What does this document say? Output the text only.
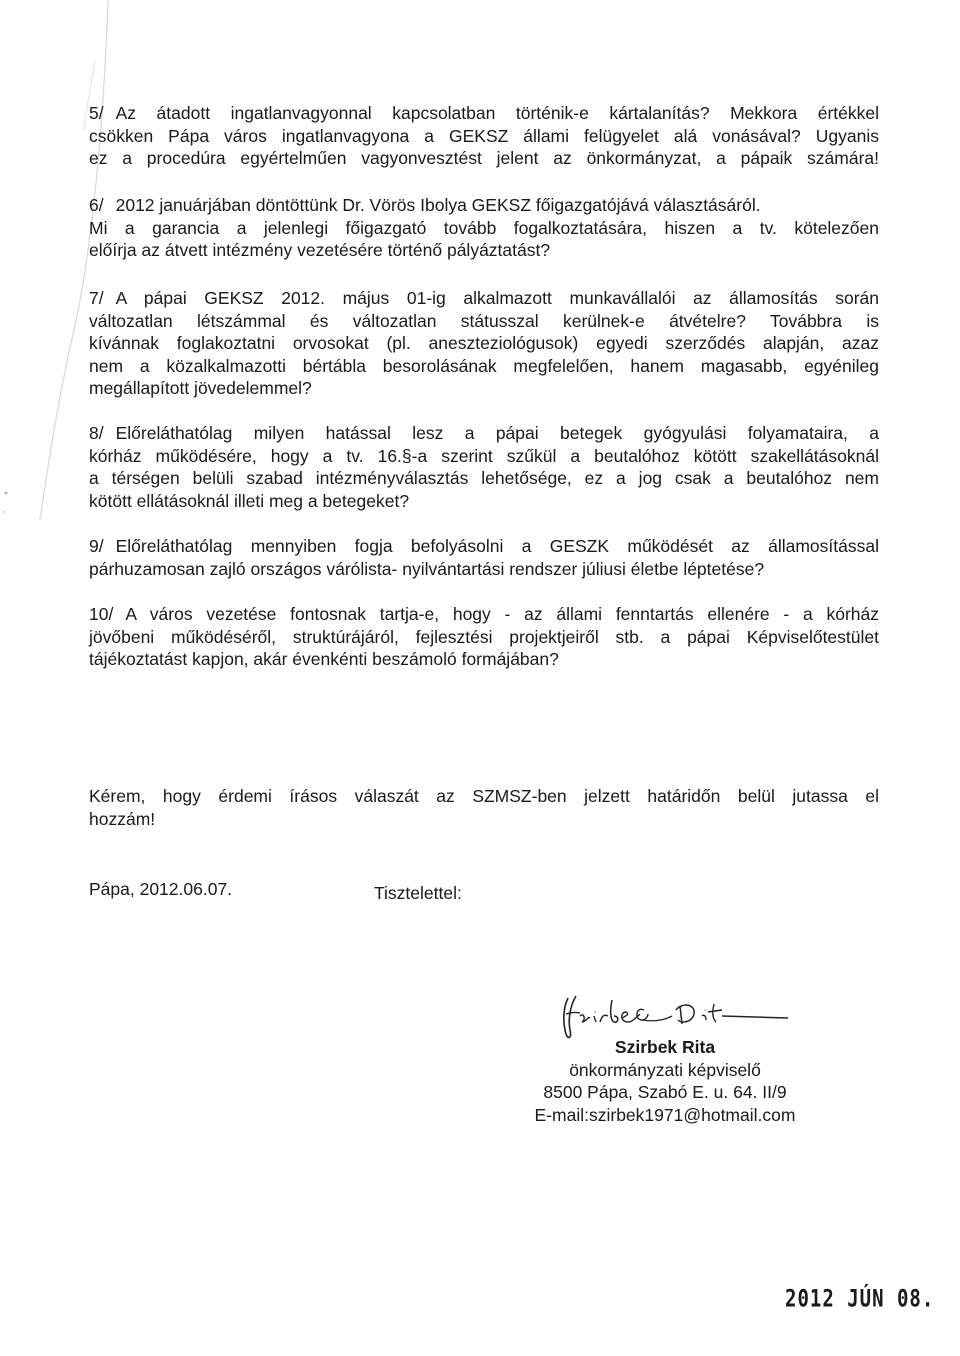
5/ Az átadott ingatlanvagyonnal kapcsolatban történik-e kártalanítás? Mekkora értékkel
csökken Pápa város ingatlanvagyona a GEKSZ állami felügyelet alá vonásával? Ugyanis
ez a procedúra egyértelműen vagyonvesztést jelent az önkormányzat, a pápaik számára!
6/ 2012 januárjában döntöttünk Dr. Vörös Ibolya GEKSZ főigazgatójává választásáról.
Mi a garancia a jelenlegi főigazgató tovább fogalkoztatására, hiszen a tv. kötelezően
előírja az átvett intézmény vezetésére történő pályáztatást?
7/ A pápai GEKSZ 2012. május 01-ig alkalmazott munkavállalói az államosítás során
változatlan létszámmal és változatlan státusszal kerülnek-e átvételre? Továbbra is
kívánnak foglakoztatni orvosokat (pl. aneszteziológusok) egyedi szerződés alapján, azaz
nem a közalkalmazotti bértábla besorolásának megfelelően, hanem magasabb, egyénileg
megállapított jövedelemmel?
8/ Előreláthatólag milyen hatással lesz a pápai betegek gyógyulási folyamataira, a
kórház működésére, hogy a tv. 16.§-a szerint szűkül a beutalóhoz kötött szakellátásoknál
a térségen belüli szabad intézményválasztás lehetősége, ez a jog csak a beutalóhoz nem
kötött ellátásoknál illeti meg a betegeket?
9/ Előreláthatólag mennyiben fogja befolyásolni a GESZK működését az államosítással
párhuzamosan zajló országos várólista- nyilvántartási rendszer júliusi életbe léptetése?
10/ A város vezetése fontosnak tartja-e, hogy - az állami fenntartás ellenére - a kórház
jövőbeni működéséről, struktúrájáról, fejlesztési projektjeiről stb. a pápai Képviselőtestület
tájékoztatást kapjon, akár évenkénti beszámoló formájában?
Kérem, hogy érdemi írásos válaszát az SZMSZ-ben jelzett határidőn belül jutassa el
hozzám!
Pápa, 2012.06.07.	Tisztelettel:
Szirbek Rita
önkormányzati képviselő
8500 Pápa, Szabó E. u. 64. II/9
E-mail:szirbek1971@hotmail.com
2012 JÚN 08.
